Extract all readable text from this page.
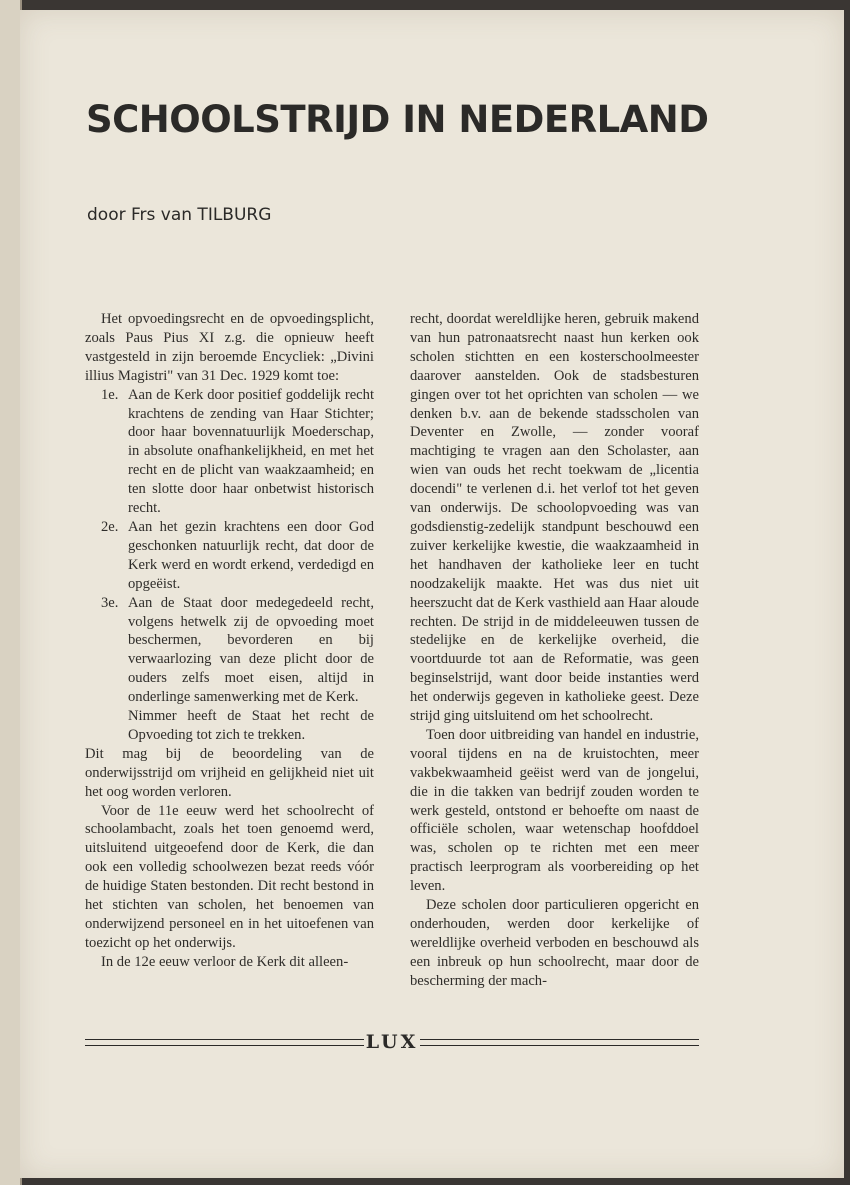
SCHOOLSTRIJD IN NEDERLAND
door Frs van TILBURG

Het opvoedingsrecht en de opvoedingsplicht, zoals Paus Pius XI z.g. die opnieuw heeft vastgesteld in zijn beroemde Encycliek: „Divini illius Magistri" van 31 Dec. 1929 komt toe:

1e. Aan de Kerk door positief goddelijk recht krachtens de zending van Haar Stichter; door haar bovennatuurlijk Moederschap, in absolute onafhankelijkheid, en met het recht en de plicht van waakzaamheid; en ten slotte door haar onbetwist historisch recht.
2e. Aan het gezin krachtens een door God geschonken natuurlijk recht, dat door de Kerk werd en wordt erkend, verdedigd en opgeëist.
3e. Aan de Staat door medegedeeld recht, volgens hetwelk zij de opvoeding moet beschermen, bevorderen en bij verwaarlozing van deze plicht door de ouders zelfs moet eisen, altijd in onderlinge samenwerking met de Kerk.

Nimmer heeft de Staat het recht de Opvoeding tot zich te trekken.

Dit mag bij de beoordeling van de onderwijsstrijd om vrijheid en gelijkheid niet uit het oog worden verloren.

Voor de 11e eeuw werd het schoolrecht of schoolambacht, zoals het toen genoemd werd, uitsluitend uitgeoefend door de Kerk, die dan ook een volledig schoolwezen bezat reeds vóór de huidige Staten bestonden. Dit recht bestond in het stichten van scholen, het benoemen van onderwijzend personeel en in het uitoefenen van toezicht op het onderwijs.

In de 12e eeuw verloor de Kerk dit alleen-

recht, doordat wereldlijke heren, gebruik makend van hun patronaatsrecht naast hun kerken ook scholen stichtten en een kosterschoolmeester daarover aanstelden. Ook de stadsbesturen gingen over tot het oprichten van scholen — we denken b.v. aan de bekende stadsscholen van Deventer en Zwolle, — zonder vooraf machtiging te vragen aan den Scholaster, aan wien van ouds het recht toekwam de „licentia docendi" te verlenen d.i. het verlof tot het geven van onderwijs. De schoolopvoeding was van godsdienstig-zedelijk standpunt beschouwd een zuiver kerkelijke kwestie, die waakzaamheid in het handhaven der katholieke leer en tucht noodzakelijk maakte. Het was dus niet uit heerszucht dat de Kerk vasthield aan Haar aloude rechten. De strijd in de middeleeuwen tussen de stedelijke en de kerkelijke overheid, die voortduurde tot aan de Reformatie, was geen beginselstrijd, want door beide instanties werd het onderwijs gegeven in katholieke geest. Deze strijd ging uitsluitend om het schoolrecht.

Toen door uitbreiding van handel en industrie, vooral tijdens en na de kruistochten, meer vakbekwaamheid geëist werd van de jongelui, die in die takken van bedrijf zouden worden te werk gesteld, ontstond er behoefte om naast de officiële scholen, waar wetenschap hoofddoel was, scholen op te richten met een meer practisch leerprogram als voorbereiding op het leven.

Deze scholen door particulieren opgericht en onderhouden, werden door kerkelijke of wereldlijke overheid verboden en beschouwd als een inbreuk op hun schoolrecht, maar door de bescherming der mach-

LUX
